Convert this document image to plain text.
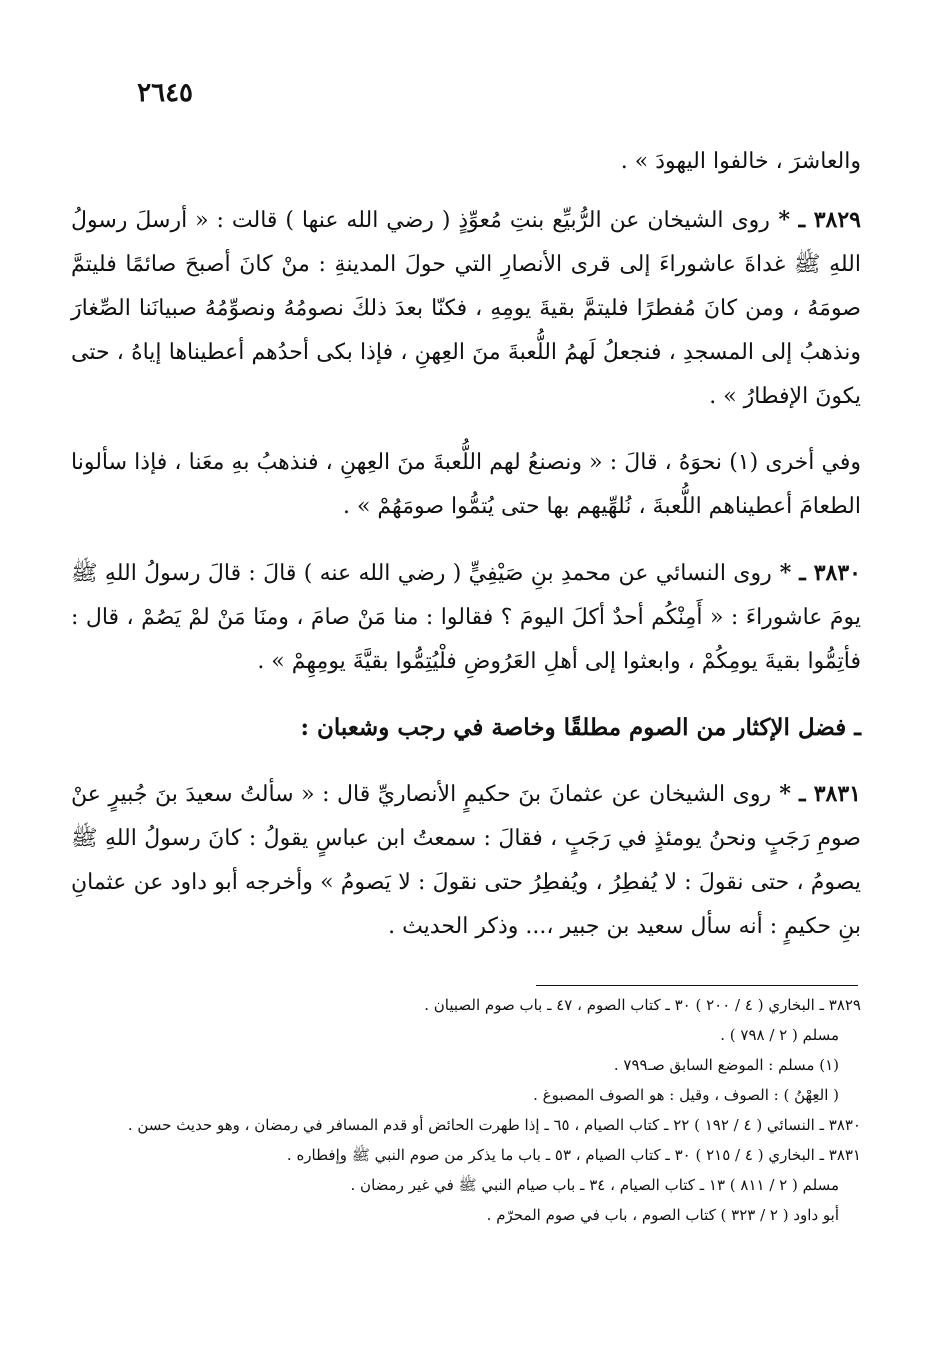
٢٦٤٥

والعاشرَ ، خالفوا اليهودَ » .

٣٨٢٩ ـ * روى الشيخان عن الرُّبيِّع بنتِ مُعوِّذٍ ( رضي الله عنها ) قالت : « أرسلَ رسولُ اللهِ ﷺ غداةَ عاشوراءَ إلى قرى الأنصارِ التي حولَ المدينةِ : منْ كانَ أصبحَ صائمًا فليتمَّ صومَهُ ، ومن كانَ مُفطرًا فليتمَّ بقيةَ يومِهِ ، فكنّا بعدَ ذلكَ نصومُهُ ونصوِّمُهُ صبيانَنا الصِّغارَ ونذهبُ إلى المسجدِ ، فنجعلُ لَهمُ اللُّعبةَ منَ العِهنِ ، فإذا بكى أحدُهم أعطيناها إياهُ ، حتى يكونَ الإفطارُ » .

وفي أخرى (١) نحوَهُ ، قالَ : « ونصنعُ لهم اللُّعبةَ منَ العِهنِ ، فنذهبُ بهِ معَنا ، فإذا سألونا الطعامَ أعطيناهم اللُّعبةَ ، نُلهِّيهم بها حتى يُتمُّوا صومَهُمْ » .

٣٨٣٠ ـ * روى النسائي عن محمدِ بنِ صَيْفِيٍّ ( رضي الله عنه ) قالَ : قالَ رسولُ اللهِ ﷺ يومَ عاشوراءَ : « أَمِنْكُم أحدٌ أكلَ اليومَ ؟ فقالوا : منا مَنْ صامَ ، ومنَا مَنْ لمْ يَصُمْ ، قال : فأتِمُّوا بقيةَ يومِكُمْ ، وابعثوا إلى أهلِ العَرُوضِ فلْيُتِمُّوا بقيَّةَ يومِهِمْ » .

ـ فضل الإكثار من الصوم مطلقًا وخاصة في رجب وشعبان :

٣٨٣١ ـ * روى الشيخان عن عثمانَ بنَ حكيمٍ الأنصاريِّ قال : « سألتُ سعيدَ بنَ جُبيرٍ عنْ صومِ رَجَبٍ ونحنُ يومئذٍ في رَجَبٍ ، فقالَ : سمعتُ ابن عباسٍ يقولُ : كانَ رسولُ اللهِ ﷺ يصومُ ، حتى نقولَ : لا يُفطِرُ ، ويُفطِرُ حتى نقولَ : لا يَصومُ » وأخرجه أبو داود عن عثمانِ بنِ حكيمٍ : أنه سأل سعيد بن جبير ،... وذكر الحديث .

٣٨٢٩ ـ البخاري ( ٤ / ٢٠٠ ) ٣٠ ـ كتاب الصوم ، ٤٧ ـ باب صوم الصبيان .

مسلم ( ٢ / ٧٩٨ ) .

(١) مسلم : الموضع السابق صـ٧٩٩ .

( العِهْنُ ) : الصوف ، وقيل : هو الصوف المصبوغ .

٣٨٣٠ ـ النسائي ( ٤ / ١٩٢ ) ٢٢ ـ كتاب الصيام ، ٦٥ ـ إذا طهرت الحائض أو قدم المسافر في رمضان ، وهو حديث حسن .

٣٨٣١ ـ البخاري ( ٤ / ٢١٥ ) ٣٠ ـ كتاب الصيام ، ٥٣ ـ باب ما يذكر من صوم النبي ﷺ وإفطاره .

مسلم ( ٢ / ٨١١ ) ١٣ ـ كتاب الصيام ، ٣٤ ـ باب صيام النبي ﷺ في غير رمضان .

أبو داود ( ٢ / ٣٢٣ ) كتاب الصوم ، باب في صوم المحرّم .
